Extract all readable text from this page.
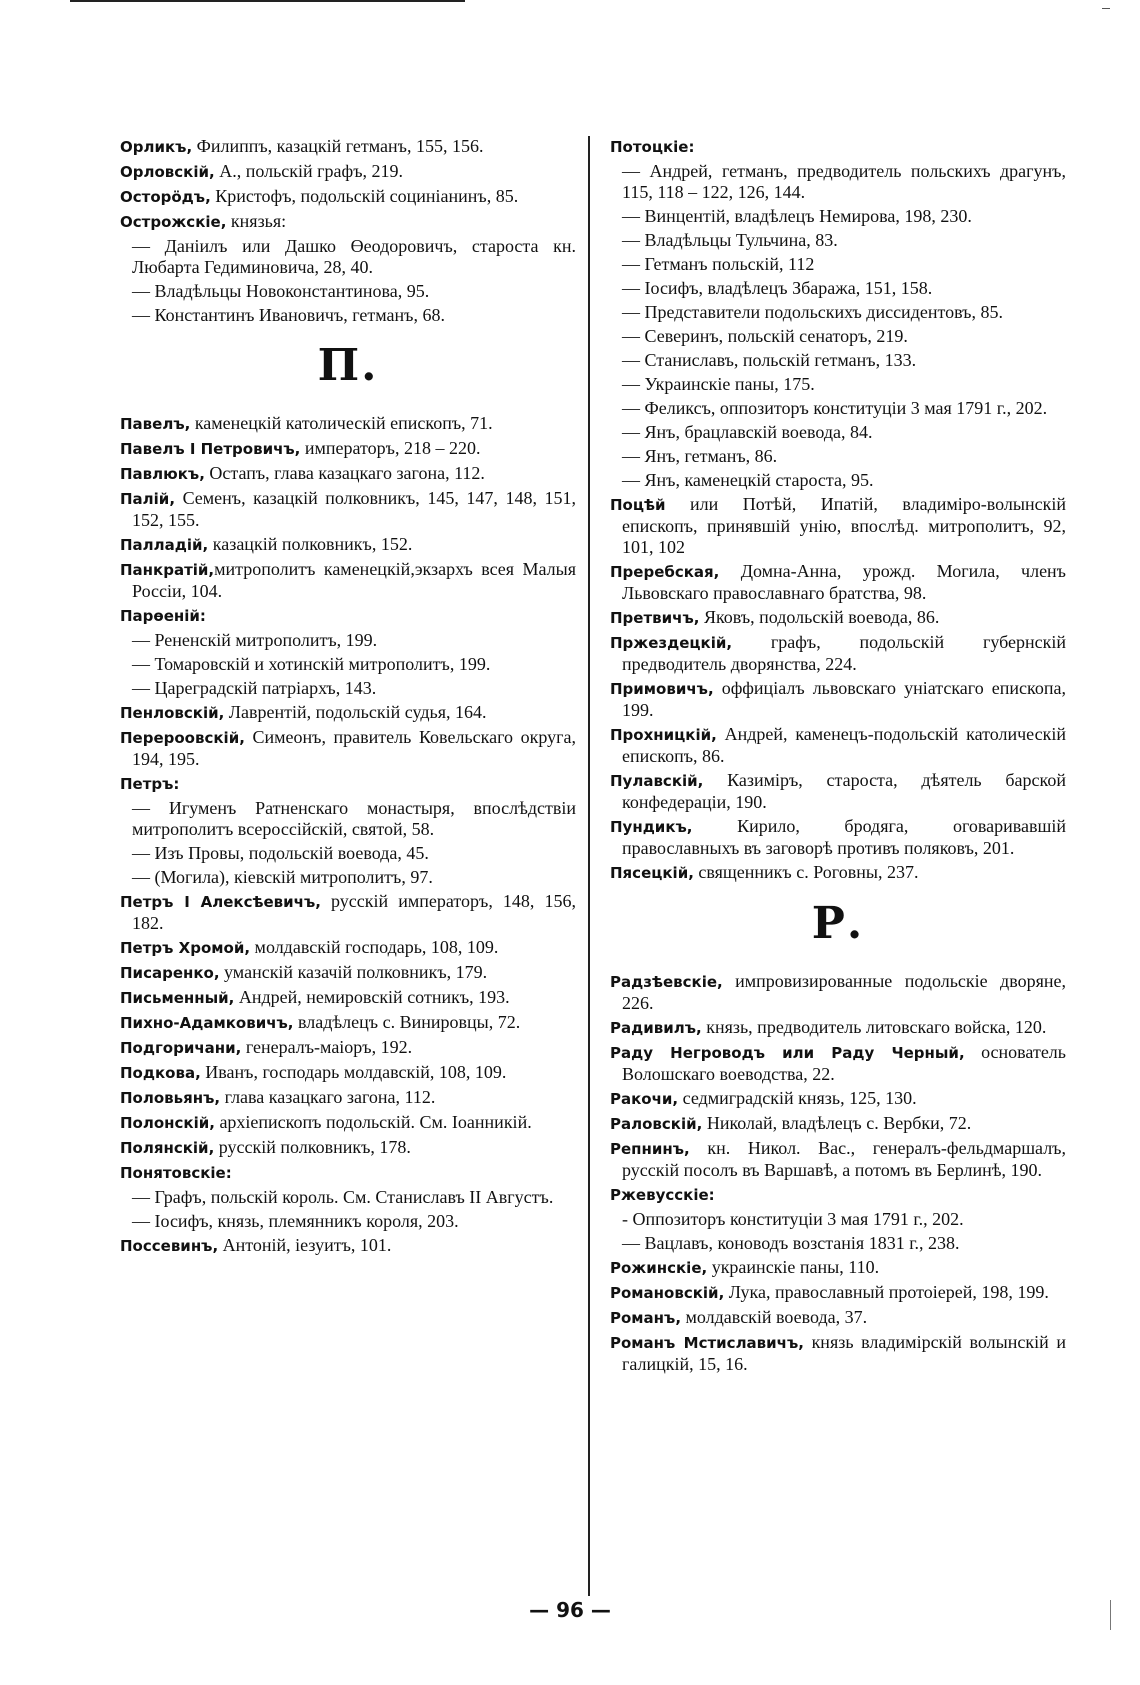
Орликъ, Филиппъ, казацкій гетманъ, 155, 156.

Орловскій, А., польскій графъ, 219.

Осторöдъ, Кристофъ, подольскій социніанинъ, 85.

Острожскіе, князья:

— Данiилъ или Дашко Өеодоровичъ, староста кн. Любарта Гедиминовича, 28, 40.

— Владѣльцы Новоконстантинова, 95.

— Константинъ Ивановичъ, гетманъ, 68.

П.

Павелъ, каменецкій католическій епископъ, 71.

Павелъ I Петровичъ, императоръ, 218 – 220.

Павлюкъ, Остапъ, глава казацкаго загона, 112.

Палій, Семенъ, казацкій полковникъ, 145, 147, 148, 151, 152, 155.

Палладій, казацкій полковникъ, 152.

Панкратій,митрополитъ каменецкій,экзархъ всея Малыя Россіи, 104.

Парөеній:

— Рененскій митрополитъ, 199.

— Томаровскій и хотинскій митрополитъ, 199.

— Цареградскій патріархъ, 143.

Пенловскій, Лаврентій, подольскій судья, 164.

Перероовскій, Симеонъ, правитель Ковельскаго округа, 194, 195.

Петръ:

— Игуменъ Ратненскаго монастыря, впослѣдствіи митрополитъ всероссійскій, святой, 58.

— Изъ Провы, подольскій воевода, 45.

— (Могила), кіевскій митрополитъ, 97.

Петръ I Алексѣевичъ, русскій императоръ, 148, 156, 182.

Петръ Хромой, молдавскій господарь, 108, 109.

Писаренко, уманскій казачій полковникъ, 179.

Письменный, Андрей, немировскій сотникъ, 193.

Пихно-Адамковичъ, владѣлецъ с. Винировцы, 72.

Подгоричани, генералъ-маіоръ, 192.

Подкова, Иванъ, господарь молдавскій, 108, 109.

Половьянъ, глава казацкаго загона, 112.

Полонскій, архіепископъ подольскій. См. Іоанникій.

Полянскій, русскій полковникъ, 178.

Понятовскіе:

— Графъ, польскій король. См. Станиславъ II Августъ.

— Іосифъ, князь, племянникъ короля, 203.

Поссевинъ, Антоній, іезуитъ, 101.

Потоцкіе:

— Андрей, гетманъ, предводитель польскихъ драгунъ, 115, 118 – 122, 126, 144.

— Винцентій, владѣлецъ Немирова, 198, 230.

— Владѣльцы Тульчина, 83.

— Гетманъ польскій, 112

— Іосифъ, владѣлецъ Збаража, 151, 158.

— Представители подольскихъ диссидентовъ, 85.

— Северинъ, польскій сенаторъ, 219.

— Станиславъ, польскій гетманъ, 133.

— Украинскіе паны, 175.

— Феликсъ, оппозиторъ конституціи 3 мая 1791 г., 202.

— Янъ, брацлавскій воевода, 84.

— Янъ, гетманъ, 86.

— Янъ, каменецкій староста, 95.

Поцѣй или Потѣй, Ипатій, владиміро-волынскій епископъ, принявшій унію, впослѣд. митрополитъ, 92, 101, 102

Преребская, Домна-Анна, урожд. Могила, членъ Львовскаго православнаго братства, 98.

Претвичъ, Яковъ, подольскій воевода, 86.

Пржездецкій, графъ, подольскій губернскій предводитель дворянства, 224.

Примовичъ, оффиціалъ львовскаго уніатскаго епископа, 199.

Прохницкій, Андрей, каменецъ-подольскій католическій епископъ, 86.

Пулавскій, Казиміръ, староста, дѣятель барской конфедераціи, 190.

Пундикъ, Кирило, бродяга, оговаривавшій православныхъ въ заговорѣ противъ поляковъ, 201.

Пясецкій, священникъ с. Роговны, 237.

Р.

Радзѣевскіе, импровизированные подольскіе дворяне, 226.

Радивилъ, князь, предводитель литовскаго войска, 120.

Раду Негроводъ или Раду Черный, основатель Волошскаго воеводства, 22.

Ракочи, седмиградскій князь, 125, 130.

Раловскій, Николай, владѣлецъ с. Вербки, 72.

Репнинъ, кн. Никол. Вас., генералъ-фельдмаршалъ, русскій посолъ въ Варшавѣ, а потомъ въ Берлинѣ, 190.

Ржевусскіе:

- Оппозиторъ конституціи 3 мая 1791 г., 202.

— Вацлавъ, коноводъ возстанія 1831 г., 238.

Рожинскіе, украинскіе паны, 110.

Романовскій, Лука, православный протоіерей, 198, 199.

Романъ, молдавскій воевода, 37.

Романъ Мстиславичъ, князь владимірскій волынскій и галицкій, 15, 16.

— 96 —
